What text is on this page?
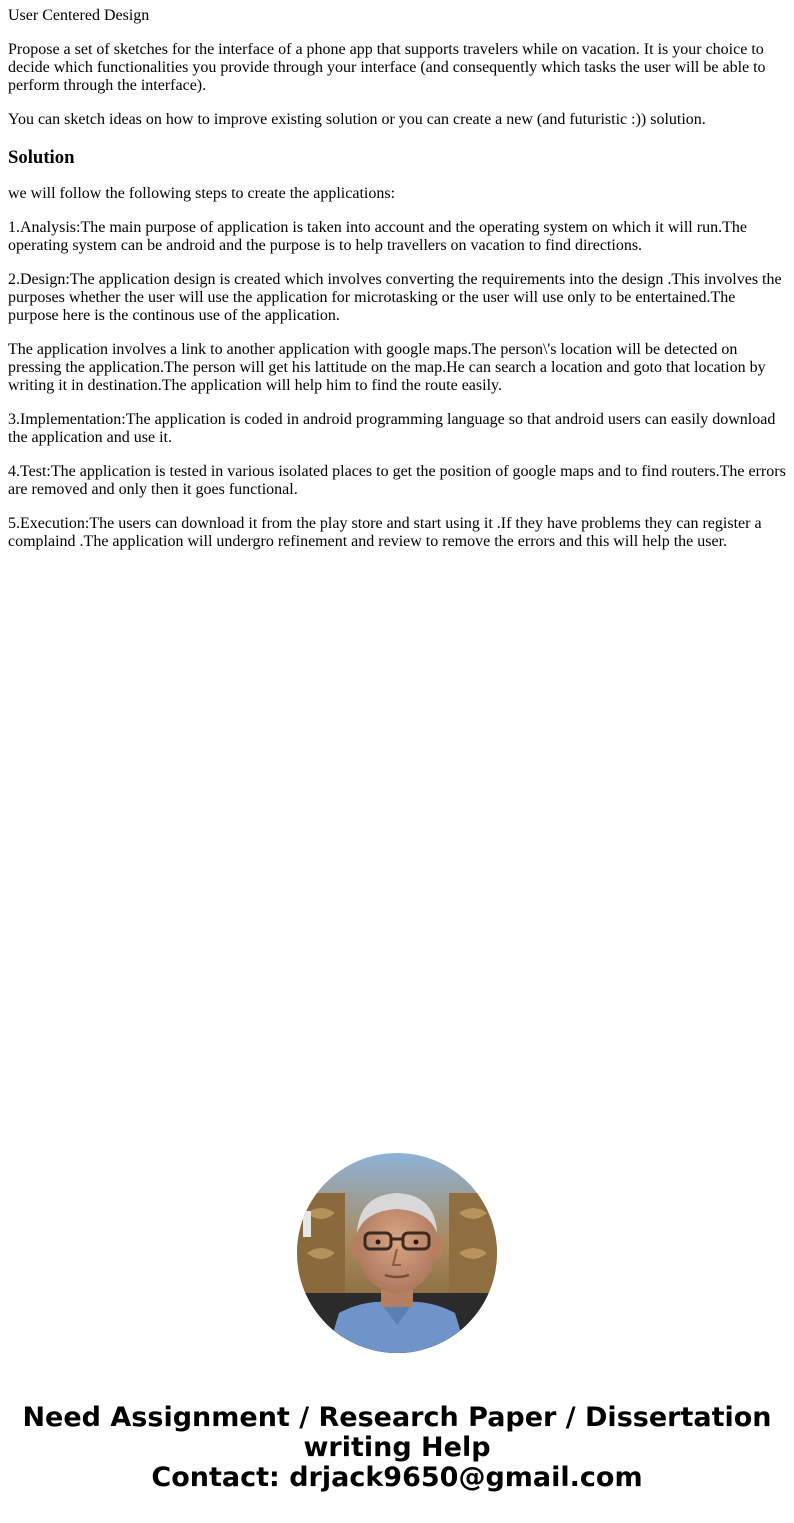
User Centered Design

Propose a set of sketches for the interface of a phone app that supports travelers while on vacation. It is your choice to decide which functionalities you provide through your interface (and consequently which tasks the user will be able to perform through the interface).

You can sketch ideas on how to improve existing solution or you can create a new (and futuristic :)) solution.

Solution

we will follow the following steps to create the applications:

1.Analysis:The main purpose of application is taken into account and the operating system on which it will run.The operating system can be android and the purpose is to help travellers on vacation to find directions.

2.Design:The application design is created which involves converting the requirements into the design .This involves the purposes whether the user will use the application for microtasking or the user will use only to be entertained.The purpose here is the continous use of the application.

The application involves a link to another application with google maps.The person\'s location will be detected on pressing the application.The person will get his lattitude on the map.He can search a location and goto that location by writing it in destination.The application will help him to find the route easily.

3.Implementation:The application is coded in android programming language so that android users can easily download the application and use it.

4.Test:The application is tested in various isolated places to get the position of google maps and to find routers.The errors are removed and only then it goes functional.

5.Execution:The users can download it from the play store and start using it .If they have problems they can register a complaind .The application will undergro refinement and review to remove the errors and this will help the user.

Need Assignment / Research Paper / Dissertation
writing Help
Contact: drjack9650@gmail.com
